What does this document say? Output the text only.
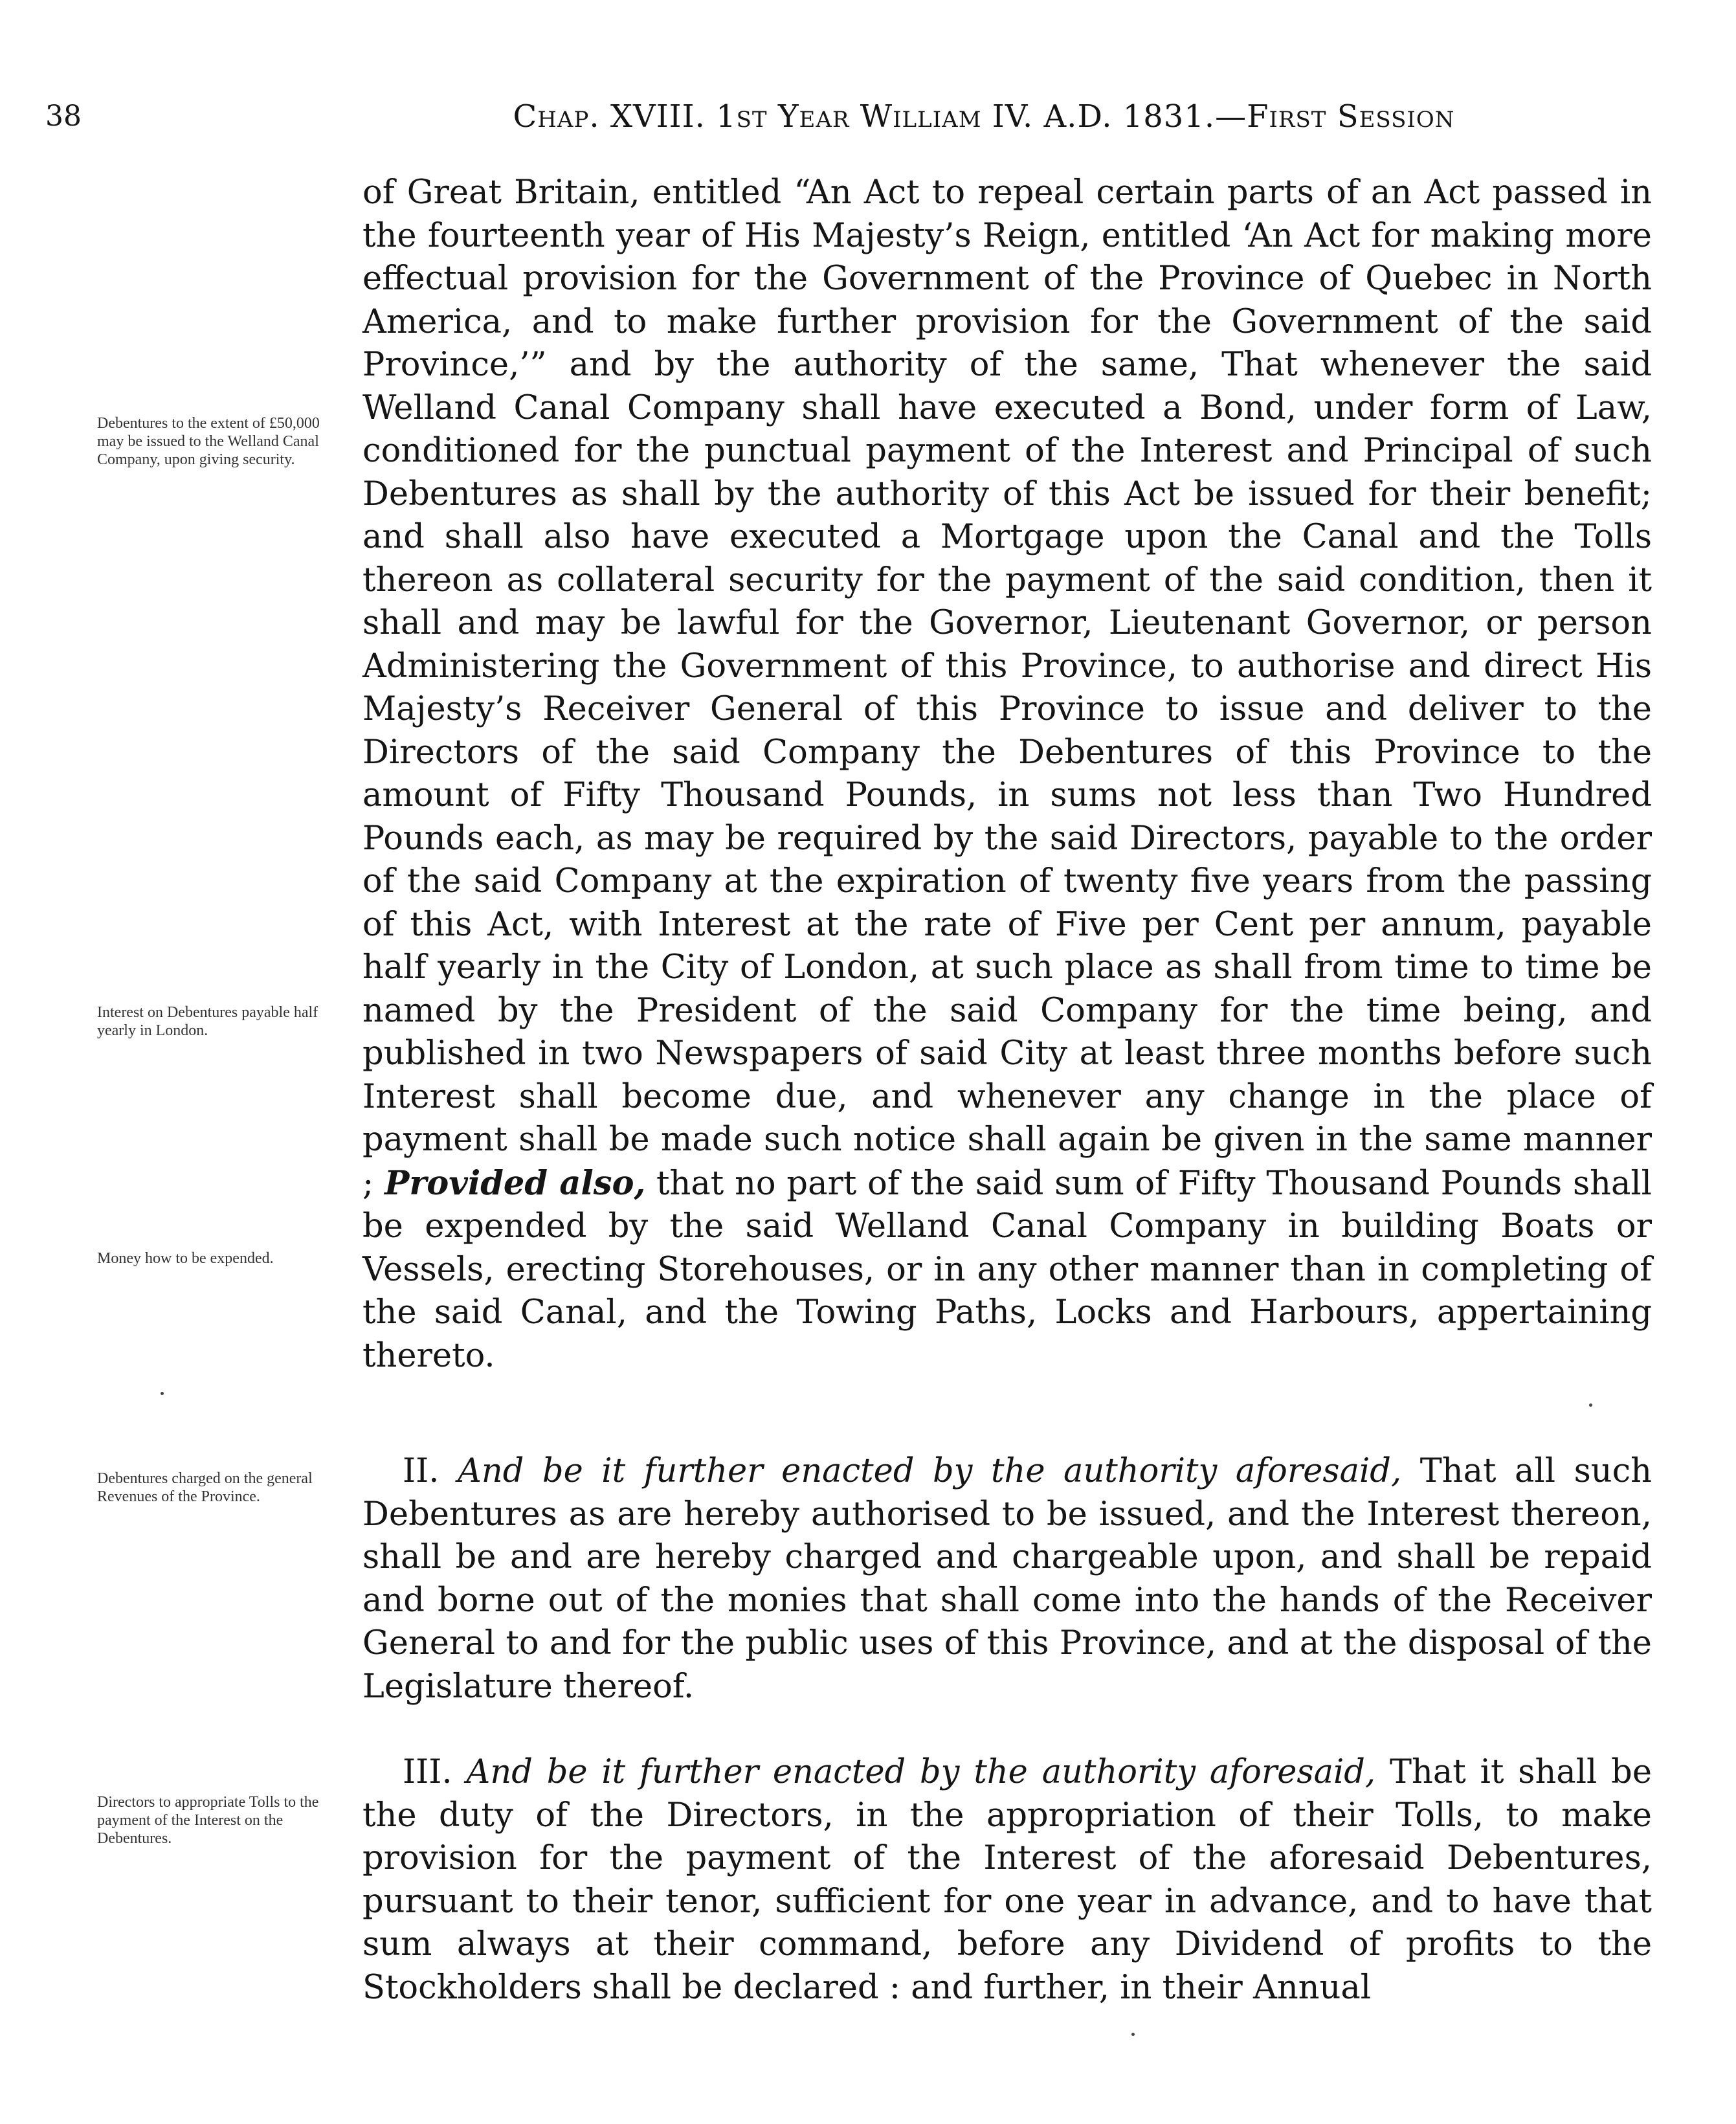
38	Chap. XVIII. 1st Year William IV. A.D. 1831.—First Session
Debentures to the extent of £50,000 may be issued to the Welland Canal Company, upon giving security.
Interest on Debentures payable half yearly in London.
Money how to be expended.
Debentures charged on the general Revenues of the Province.
Directors to appropriate Tolls to the payment of the Interest on the Debentures.

of Great Britain, entitled “An Act to repeal certain parts of an Act passed in the fourteenth year of His Majesty’s Reign, entitled ‘An Act for making more effectual provision for the Government of the Province of Quebec in North America, and to make further provision for the Government of the said Province,’” and by the authority of the same, That whenever the said Welland Canal Company shall have executed a Bond, under form of Law, conditioned for the punctual payment of the Interest and Principal of such Debentures as shall by the authority of this Act be issued for their benefit; and shall also have executed a Mortgage upon the Canal and the Tolls thereon as collateral security for the payment of the said condition, then it shall and may be lawful for the Governor, Lieutenant Governor, or person Administering the Government of this Province, to authorise and direct His Majesty’s Receiver General of this Province to issue and deliver to the Directors of the said Company the Debentures of this Province to the amount of Fifty Thousand Pounds, in sums not less than Two Hundred Pounds each, as may be required by the said Directors, payable to the order of the said Company at the expiration of twenty five years from the passing of this Act, with Interest at the rate of Five per Cent per annum, payable half yearly in the City of London, at such place as shall from time to time be named by the President of the said Company for the time being, and published in two Newspapers of said City at least three months before such Interest shall become due, and whenever any change in the place of payment shall be made such notice shall again be given in the same manner ; Provided also, that no part of the said sum of Fifty Thousand Pounds shall be expended by the said Welland Canal Company in building Boats or Vessels, erecting Storehouses, or in any other manner than in completing of the said Canal, and the Towing Paths, Locks and Harbours, appertaining thereto.

II. And be it further enacted by the authority aforesaid, That all such Debentures as are hereby authorised to be issued, and the Interest thereon, shall be and are hereby charged and chargeable upon, and shall be repaid and borne out of the monies that shall come into the hands of the Receiver General to and for the public uses of this Province, and at the disposal of the Legislature thereof.

III. And be it further enacted by the authority aforesaid, That it shall be the duty of the Directors, in the appropriation of their Tolls, to make provision for the payment of the Interest of the aforesaid Debentures, pursuant to their tenor, sufficient for one year in advance, and to have that sum always at their command, before any Dividend of profits to the Stockholders shall be declared : and further, in their Annual
